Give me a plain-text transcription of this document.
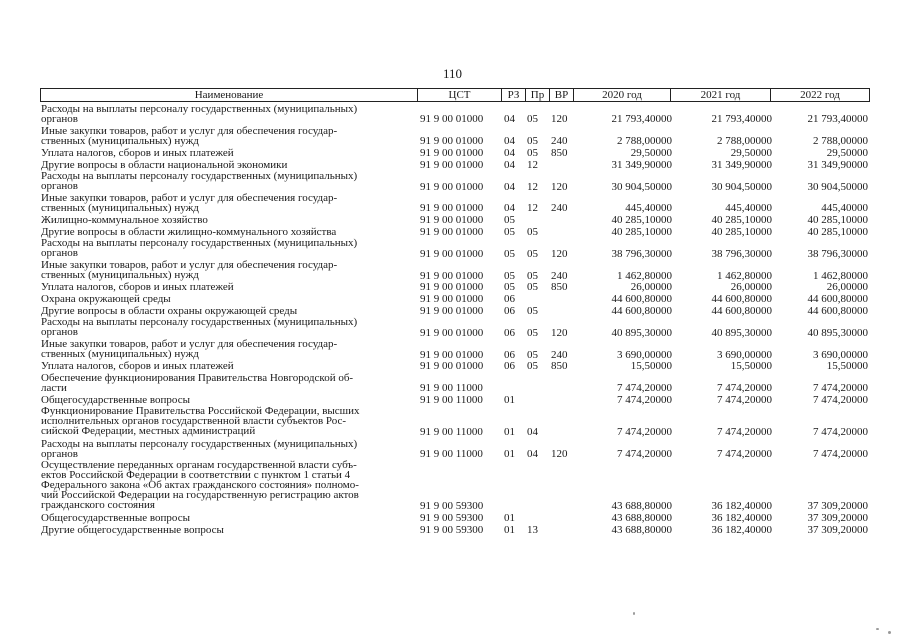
110
Наименование	ЦСТ	РЗ	Пр ВР	2020 год	2021 год	2022 год
Расходы на выплаты персоналу государственных (муниципальных)
органов	91 9 00 01000 04 05 120	21 793,40000	21 793,40000	21 793,40000
Иные закупки товаров, работ и услуг для обеспечения государ-
ственных (муниципальных) нужд	91 9 00 01000 04 05 240	2 788,00000	2 788,00000	2 788,00000
Уплата налогов, сборов и иных платежей	91 9 00 01000 04 05 850	29,50000	29,50000	29,50000
Другие вопросы в области национальной экономики	91 9 00 01000 04 12	31 349,90000	31 349,90000	31 349,90000
Расходы на выплаты персоналу государственных (муниципальных)
органов	91 9 00 01000 04 12 120	30 904,50000	30 904,50000	30 904,50000
Иные закупки товаров, работ и услуг для обеспечения государ-
ственных (муниципальных) нужд	91 9 00 01000 04 12 240	445,40000	445,40000	445,40000
Жилищно-коммунальное хозяйство	91 9 00 01000 05	40 285,10000	40 285,10000	40 285,10000
Другие вопросы в области жилищно-коммунального хозяйства	91 9 00 01000 05 05	40 285,10000	40 285,10000	40 285,10000
Расходы на выплаты персоналу государственных (муниципальных)
органов	91 9 00 01000 05 05 120	38 796,30000	38 796,30000	38 796,30000
Иные закупки товаров, работ и услуг для обеспечения государ-
ственных (муниципальных) нужд	91 9 00 01000 05 05 240	1 462,80000	1 462,80000	1 462,80000
Уплата налогов, сборов и иных платежей	91 9 00 01000 05 05 850	26,00000	26,00000	26,00000
Охрана окружающей среды	91 9 00 01000 06	44 600,80000	44 600,80000	44 600,80000
Другие вопросы в области охраны окружающей среды	91 9 00 01000 06 05	44 600,80000	44 600,80000	44 600,80000
Расходы на выплаты персоналу государственных (муниципальных)
органов	91 9 00 01000 06 05 120	40 895,30000	40 895,30000	40 895,30000
Иные закупки товаров, работ и услуг для обеспечения государ-
ственных (муниципальных) нужд	91 9 00 01000 06 05 240	3 690,00000	3 690,00000	3 690,00000
Уплата налогов, сборов и иных платежей	91 9 00 01000 06 05 850	15,50000	15,50000	15,50000
Обеспечение функционирования Правительства Новгородской об-
ласти	91 9 00 11000	7 474,20000	7 474,20000	7 474,20000
Общегосударственные вопросы	91 9 00 11000 01	7 474,20000	7 474,20000	7 474,20000
Функционирование Правительства Российской Федерации, высших
исполнительных органов государственной власти субъектов Рос-
сийской Федерации, местных администраций	91 9 00 11000 01 04	7 474,20000	7 474,20000	7 474,20000
Расходы на выплаты персоналу государственных (муниципальных)
органов	91 9 00 11000 01 04 120	7 474,20000	7 474,20000	7 474,20000
Осуществление переданных органам государственной власти субъ-
ектов Российской Федерации в соответствии с пунктом 1 статьи 4
Федерального закона «Об актах гражданского состояния» полномо-
чий Российской Федерации на государственную регистрацию актов
гражданского состояния	91 9 00 59300	43 688,80000	36 182,40000	37 309,20000
Общегосударственные вопросы	91 9 00 59300 01	43 688,80000	36 182,40000	37 309,20000
Другие общегосударственные вопросы	91 9 00 59300 01 13	43 688,80000	36 182,40000	37 309,20000
